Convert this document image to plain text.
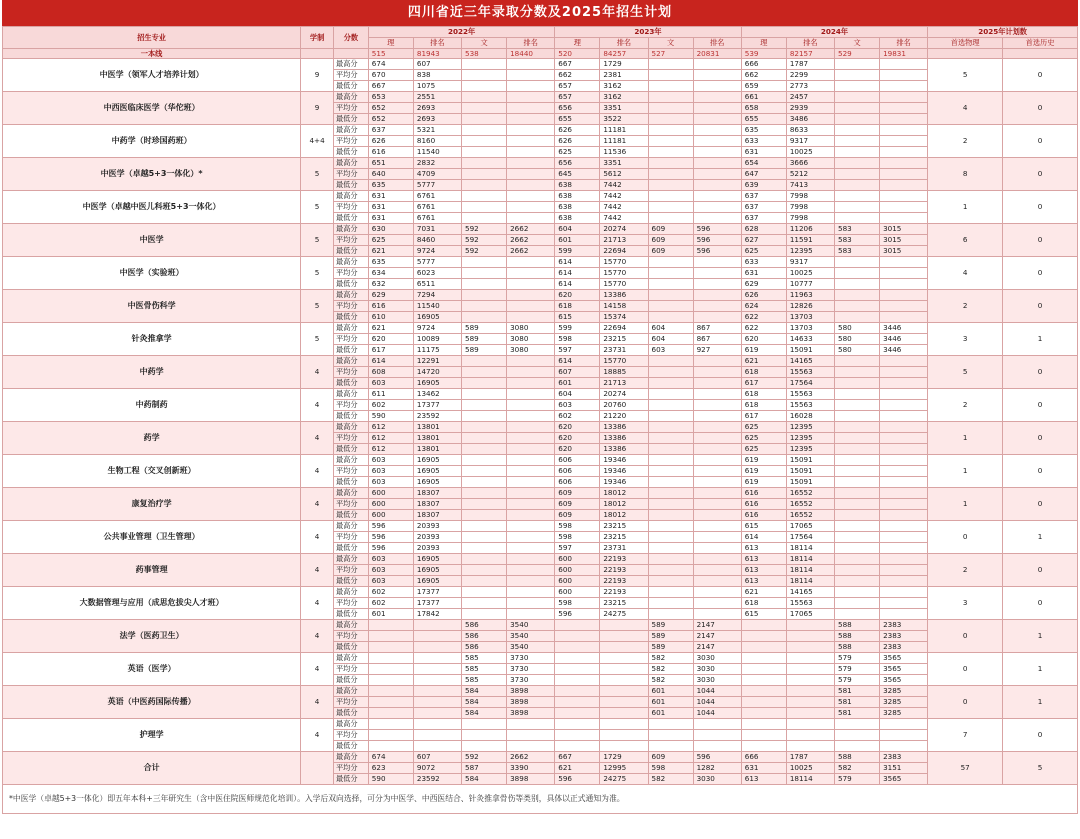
四川省近三年录取分数及2025年招生计划
招生专业	学制	分数	2022年				2023年				2024年				2025年计划数	
			理	排名	文	排名	理	排名	文	排名	理	排名	文	排名	首选物理	首选历史
一本线			515	81943	538	18440	520	84257	527	20831	539	82157	529	19831		
中医学（领军人才培养计划）	9	最高分	674	607			667	1729			666	1787			5	0
		平均分	670	838			662	2381			662	2299				
		最低分	667	1075			657	3162			659	2773				
中西医临床医学（华佗班）	9	最高分	653	2551			657	3162			661	2457			4	0
		平均分	652	2693			656	3351			658	2939				
		最低分	652	2693			655	3522			655	3486				
中药学（时珍国药班）	4+4	最高分	637	5321			626	11181			635	8633			2	0
		平均分	626	8160			626	11181			633	9317				
		最低分	616	11540			625	11536			631	10025				
中医学（卓越5+3一体化）*	5	最高分	651	2832			656	3351			654	3666			8	0
		平均分	640	4709			645	5612			647	5212				
		最低分	635	5777			638	7442			639	7413				
中医学（卓越中医儿科班5+3一体化）	5	最高分	631	6761			638	7442			637	7998			1	0
		平均分	631	6761			638	7442			637	7998				
		最低分	631	6761			638	7442			637	7998				
中医学	5	最高分	630	7031	592	2662	604	20274	609	596	628	11206	583	3015	6	0
		平均分	625	8460	592	2662	601	21713	609	596	627	11591	583	3015		
		最低分	621	9724	592	2662	599	22694	609	596	625	12395	583	3015		
中医学（实验班）	5	最高分	635	5777			614	15770			633	9317			4	0
		平均分	634	6023			614	15770			631	10025				
		最低分	632	6511			614	15770			629	10777				
中医骨伤科学	5	最高分	629	7294			620	13386			626	11963			2	0
		平均分	616	11540			618	14158			624	12826				
		最低分	610	16905			615	15374			622	13703				
针灸推拿学	5	最高分	621	9724	589	3080	599	22694	604	867	622	13703	580	3446	3	1
		平均分	620	10089	589	3080	598	23215	604	867	620	14633	580	3446		
		最低分	617	11175	589	3080	597	23731	603	927	619	15091	580	3446		
中药学	4	最高分	614	12291			614	15770			621	14165			5	0
		平均分	608	14720			607	18885			618	15563				
		最低分	603	16905			601	21713			617	17564				
中药制药	4	最高分	611	13462			604	20274			618	15563			2	0
		平均分	602	17377			603	20760			618	15563				
		最低分	590	23592			602	21220			617	16028				
药学	4	最高分	612	13801			620	13386			625	12395			1	0
		平均分	612	13801			620	13386			625	12395				
		最低分	612	13801			620	13386			625	12395				
生物工程（交叉创新班）	4	最高分	603	16905			606	19346			619	15091			1	0
		平均分	603	16905			606	19346			619	15091				
		最低分	603	16905			606	19346			619	15091				
康复治疗学	4	最高分	600	18307			609	18012			616	16552			1	0
		平均分	600	18307			609	18012			616	16552				
		最低分	600	18307			609	18012			616	16552				
公共事业管理（卫生管理）	4	最高分	596	20393			598	23215			615	17065			0	1
		平均分	596	20393			598	23215			614	17564				
		最低分	596	20393			597	23731			613	18114				
药事管理	4	最高分	603	16905			600	22193			613	18114			2	0
		平均分	603	16905			600	22193			613	18114				
		最低分	603	16905			600	22193			613	18114				
大数据管理与应用（成思危拔尖人才班）	4	最高分	602	17377			600	22193			621	14165			3	0
		平均分	602	17377			598	23215			618	15563				
		最低分	601	17842			596	24275			615	17065				
法学（医药卫生）	4	最高分			586	3540			589	2147			588	2383	0	1
		平均分			586	3540			589	2147			588	2383		
		最低分			586	3540			589	2147			588	2383		
英语（医学）	4	最高分			585	3730			582	3030			579	3565	0	1
		平均分			585	3730			582	3030			579	3565		
		最低分			585	3730			582	3030			579	3565		
英语（中医药国际传播）	4	最高分			584	3898			601	1044			581	3285	0	1
		平均分			584	3898			601	1044			581	3285		
		最低分			584	3898			601	1044			581	3285		
护理学	4	最高分													7	0
		平均分														
		最低分														
合计		最高分	674	607	592	2662	667	1729	609	596	666	1787	588	2383	57	5
		平均分	623	9072	587	3390	621	12995	598	1282	631	10025	582	3151		
		最低分	590	23592	584	3898	596	24275	582	3030	613	18114	579	3565		
*中医学（卓越5+3一体化）即五年本科+三年研究生（含中医住院医师规范化培训）。入学后双向选择，可分为中医学、中西医结合、针灸推拿骨伤等类别，具体以正式通知为准。																
